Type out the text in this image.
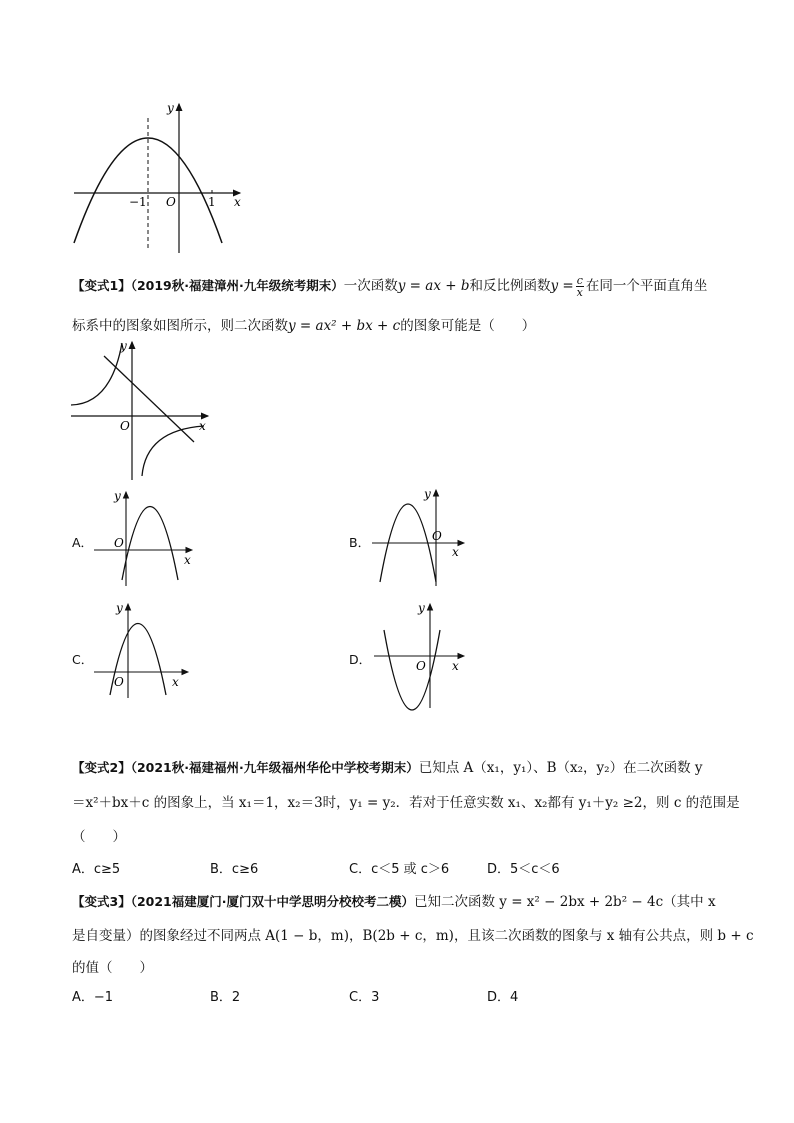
y
x
O
−1	1
【变式1】（2019秋·福建漳州·九年级统考期末）一次函数y = ax + b和反比例函数$y = \frac{c}{x}$ 在同一个平面直角坐
标系中的图象如图所示，则二次函数y = ax² + bx + c的图象可能是（　　）
y
x
O
A．
y
x
O	B．
y
x
O
C．
y
x
O
D．
y
x
O
【变式2】（2021秋·福建福州·九年级福州华伦中学校考期末）已知点 A（x₁，y₁）、B（x₂，y₂）在二次函数 y
＝x²＋bx＋c 的图象上，当 x₁＝1，x₂＝3时，y₁ = y₂．若对于任意实数 x₁、x₂都有 y₁＋y₂ ≥2，则 c 的范围是
（　　）
A．c≥5	B．c≥6	C．c＜5 或 c＞6	D．5＜c＜6
【变式3】（2021福建厦门·厦门双十中学思明分校校考二模）已知二次函数 y = x² − 2bx + 2b² − 4c（其中 x
是自变量）的图象经过不同两点 A(1 − b，m)，B(2b + c，m)，且该二次函数的图象与 x 轴有公共点，则 b + c
的值（　　）
A．−1	B．2	C．3	D．4
